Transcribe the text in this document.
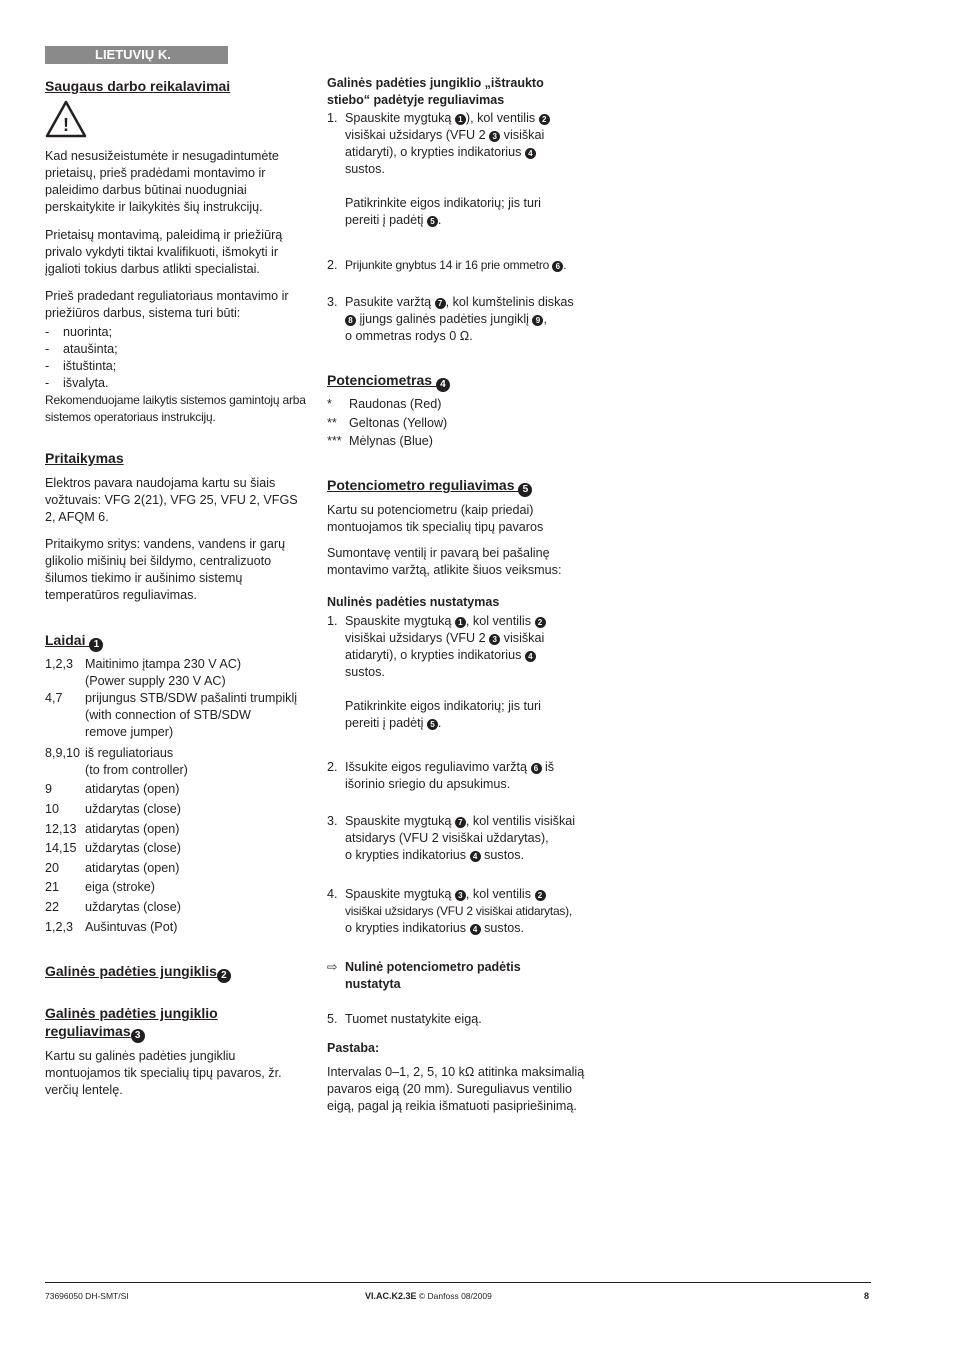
LIETUVIŲ K.
Saugaus darbo reikalavimai
!

Kad nesusižeistumėte ir nesugadintumėte prietaisų, prieš pradėdami montavimo ir paleidimo darbus būtinai nuodugniai perskaitykite ir laikykitės šių instrukcijų.

Prietaisų montavimą, paleidimą ir priežiūrą privalo vykdyti tiktai kvalifikuoti, išmokyti ir įgalioti tokius darbus atlikti specialistai.

Prieš pradedant reguliatoriaus montavimo ir priežiūros darbus, sistema turi būti:

- nuorinta;
- ataušinta;
- ištuštinta;
- išvalyta.

Rekomenduojame laikytis sistemos gamintojų arba sistemos operatoriaus instrukcijų.

Pritaikymas

Elektros pavara naudojama kartu su šiais vožtuvais: VFG 2(21), VFG 25, VFU 2, VFGS 2, AFQM 6.

Pritaikymo sritys: vandens, vandens ir garų glikolio mišinių bei šildymo, centralizuoto šilumos tiekimo ir aušinimo sistemų temperatūros reguliavimas.

Laidai 1
1,2,3 Maitinimo įtampa 230 V AC)
(Power supply 230 V AC)
4,7 prijungus STB/SDW pašalinti trumpiklį
(with connection of STB/SDW
remove jumper)
8,9,10 iš reguliatoriaus
(to from controller)
9	atidarytas (open)
10 uždarytas (close)
12,13 atidarytas (open)
14,15 uždarytas (close)
20 atidarytas (open)
21 eiga (stroke)
22 uždarytas (close)
1,2,3 Aušintuvas (Pot)
Galinės padėties jungiklis 2
Galinės padėties jungiklio
reguliavimas 3

Kartu su galinės padėties jungikliu montuojamos tik specialių tipų pavaros, žr. verčių lentelę.

Galinės padėties jungiklio „ištraukto
stiebo“ padėtyje reguliavimas
1. Spauskite mygtuką 1 ), kol ventilis 2
visiškai užsidarys (VFU 2 3 visiškai
atidaryti), o krypties indikatorius 4
sustos.

Patikrinkite eigos indikatorių; jis turi
pereiti į padėtį 5 .
2. Prijunkite gnybtus 14 ir 16 prie ommetro 6 .
3. Pasukite varžtą 7 , kol kumštelinis diskas
8 įjungs galinės padėties jungiklį 9 ,
o ommetras rodys 0 Ω.
Potenciometras 4
* Raudonas (Red)
** Geltonas (Yellow)
*** Mėlynas (Blue)
Potenciometro reguliavimas 5

Kartu su potenciometru (kaip priedai) montuojamos tik specialių tipų pavaros

Sumontavę ventilį ir pavarą bei pašalinę montavimo varžtą, atlikite šiuos veiksmus:

Nulinės padėties nustatymas
1. Spauskite mygtuką 1 , kol ventilis 2
visiškai užsidarys (VFU 2 3 visiškai
atidaryti), o krypties indikatorius 4
sustos.

Patikrinkite eigos indikatorių; jis turi
pereiti į padėtį 5 .
2. Išsukite eigos reguliavimo varžtą 6 iš
išorinio sriegio du apsukimus.
3. Spauskite mygtuką 7 , kol ventilis visiškai
atsidarys (VFU 2 visiškai uždarytas),
o krypties indikatorius 4 sustos.
4. Spauskite mygtuką 3 , kol ventilis 2
visiškai užsidarys (VFU 2 visiškai atidarytas),
o krypties indikatorius 4 sustos.
⇨ Nulinė potenciometro padėtis
nustatyta
5. Tuomet nustatykite eigą.
Pastaba:

Intervalas 0–1, 2, 5, 10 kΩ atitinka maksimalią pavaros eigą (20 mm). Sureguliavus ventilio eigą, pagal ją reikia išmatuoti pasipriešinimą.

73696050 DH-SMT/SI	VI.AC.K2.3E © Danfoss 08/2009	8
